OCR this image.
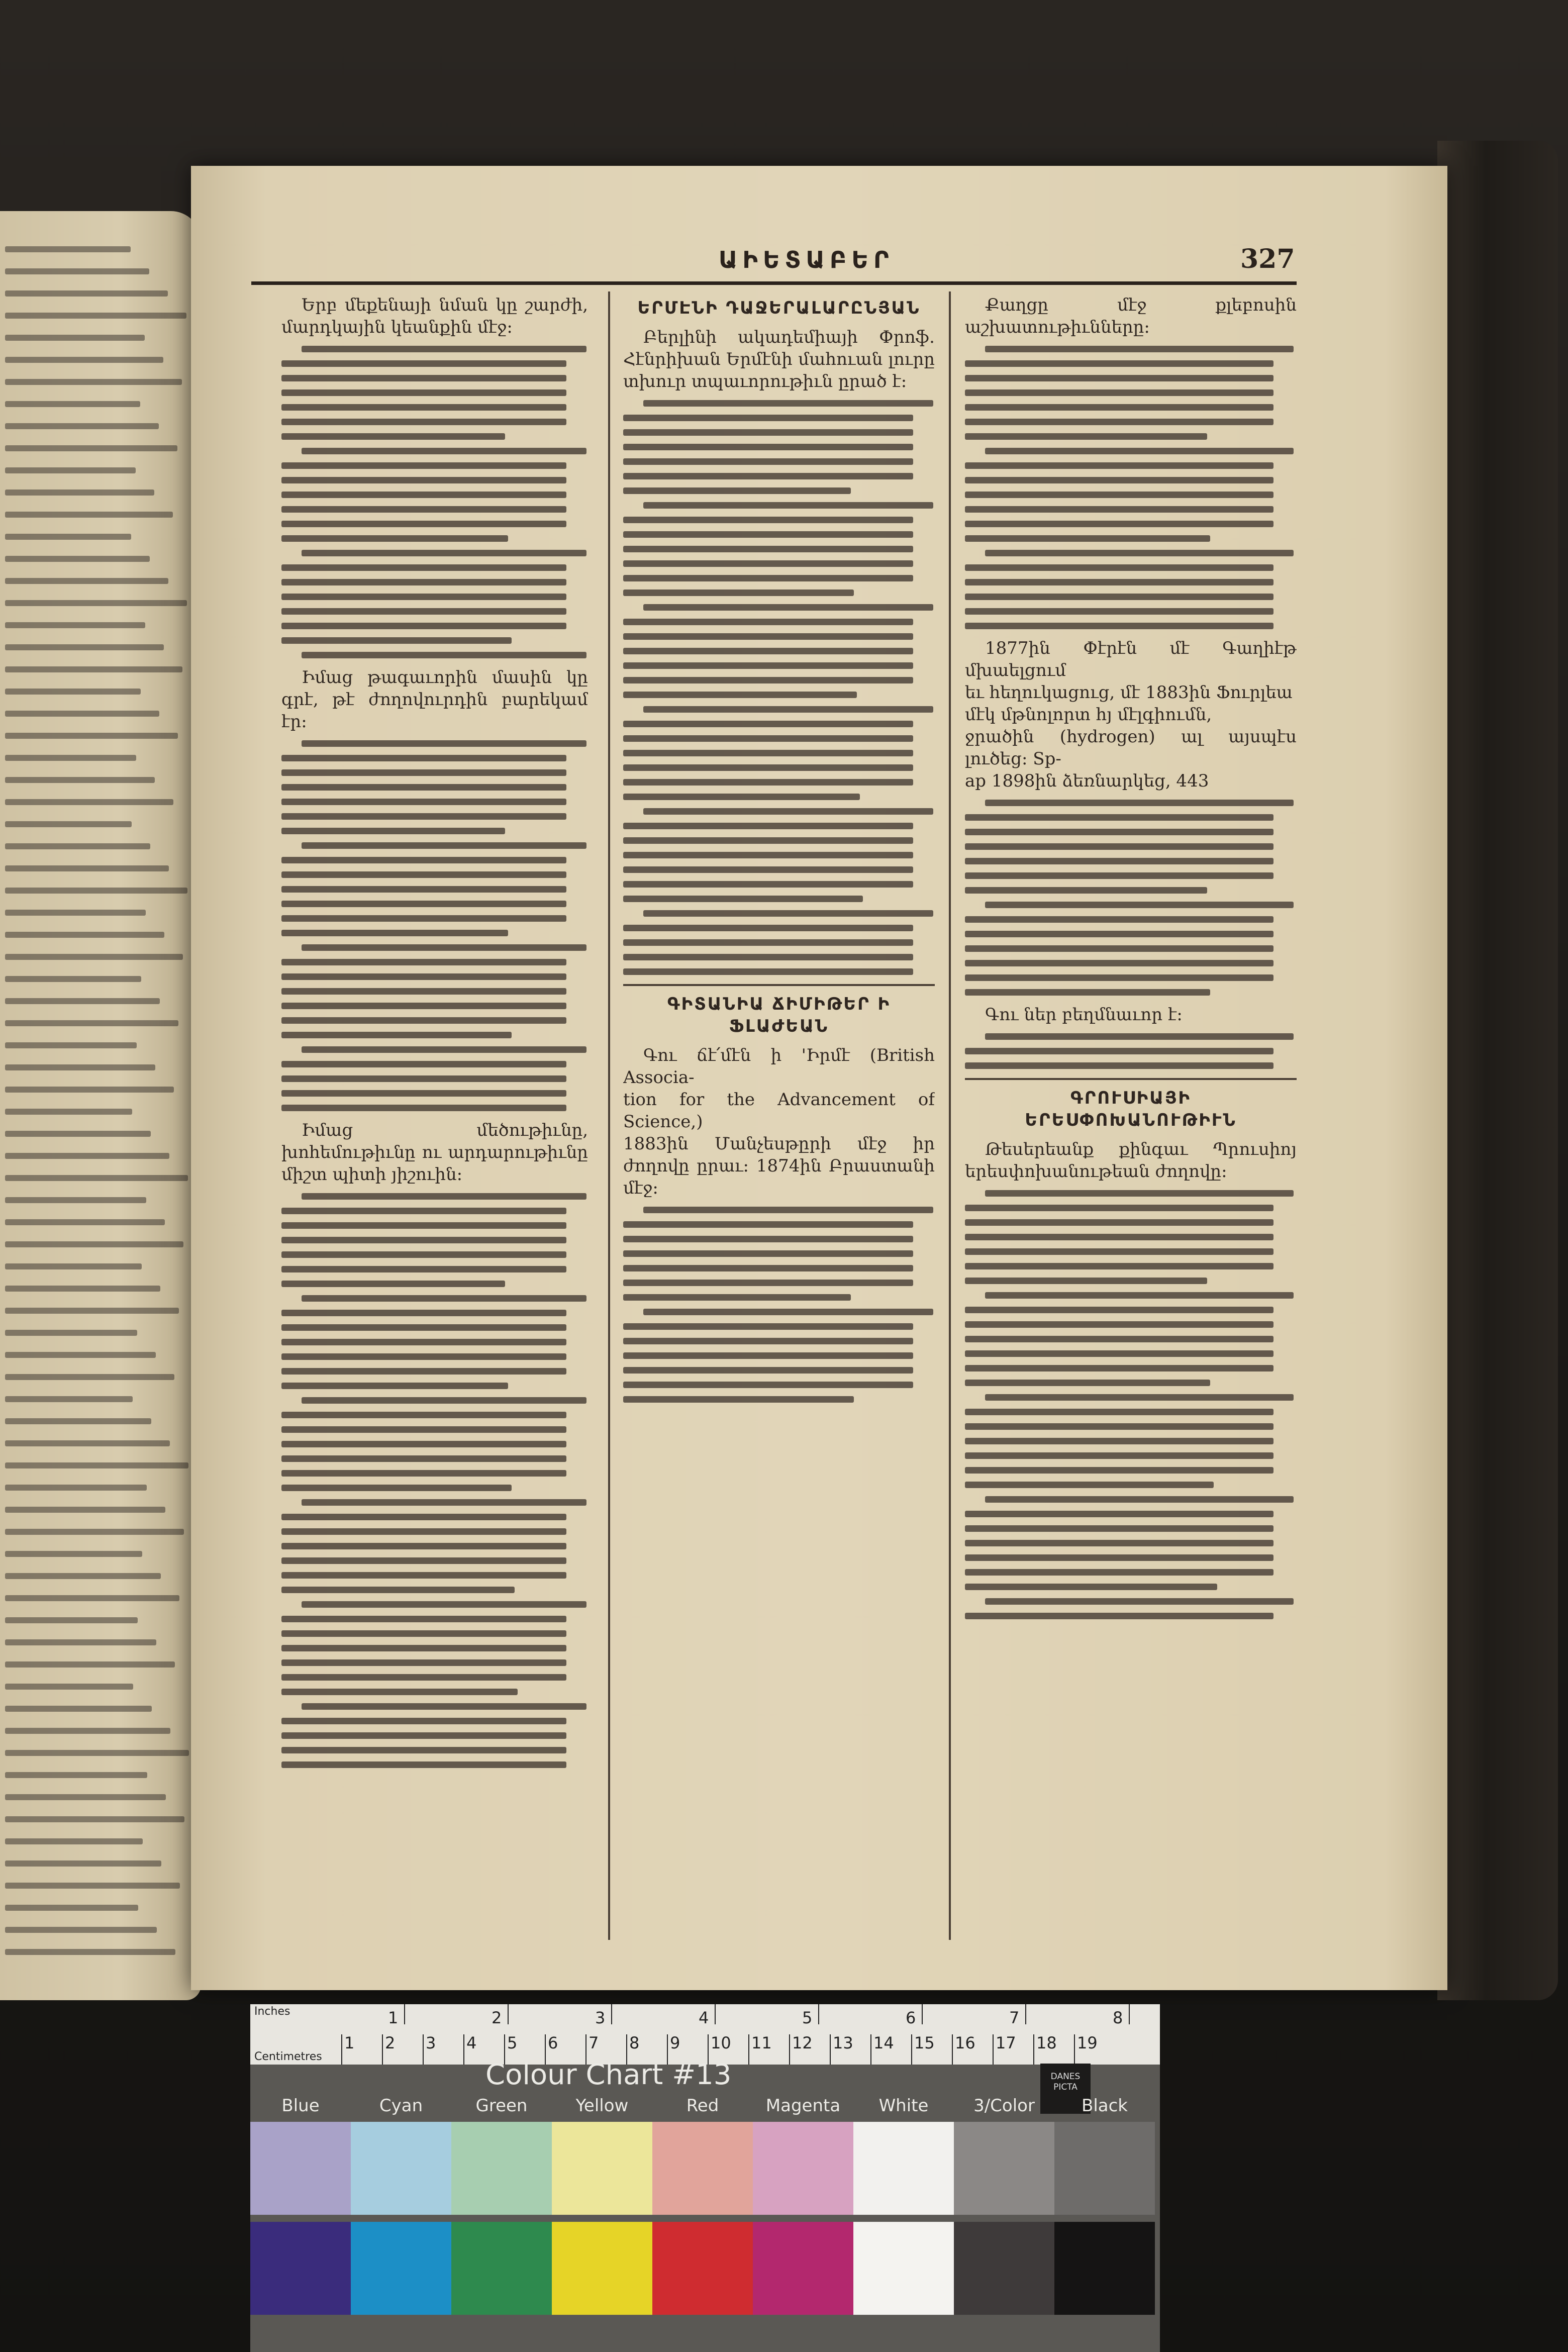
ԱԻԵՏԱԲԵՐ	327

Երբ մեքենայի նման կը շարժի, մարդկային կեանքին մէջ։

Իմաց թագաւորին մասին կը գրէ, թէ ժողովուրդին բարեկամ էր։

Իմաց մեծութիւնը, խոհեմութիւնը ու արդարութիւնը միշտ պիտի յիշուին։

ԵՐՄԷՆԻ ԴԱՋԵՐԱԼԱՐԸՆՅԱՆ

Բերլինի ակադեմիայի Փրոֆ. Հէնրիխան Երմէնի մահուան լուրը տխուր տպաւորութիւն ըրած է։

ԳԻՏԱՆԻԱ ՃԻՄԻԹԵՐ Ի ՖԼԱԺԵԱՆ

Գու ճէ՛մէն ի 'Իրմէ (British Associa-

tion for the Advancement of Science,)
1883ին Մանչեսթըրի մէջ իր ժողովը ըրաւ։ 1874ին Բրաստանի մէջ։

Քաղցը մէջ քլեբոսին աշխատութիւնները։

1877ին Փէրէն մէ Գաղիէթ մխաելցում

եւ հեղուկացուց, մէ 1883ին Ֆուրլեա
մէկ մթնոլորտ հյ մէլգիումն,
ջրածին (hydrogen) ալ այսպէս լուծեց։ Sp-
ap 1898ին ձեռնարկեց, 443

Գու ներ բեղմնաւոր է։

ԳՐՈՒՍԻԱՅԻ ԵՐԵՍՓՈԽԱՆՈՒԹԻՒՆ

Թեսերեանք քինգաւ Պրուսիոյ երեսփոխանութեան ժողովը։

Inches
Centimetres
1	2	3	4	5	6	7	8
1 2 3 4 5 6 7 8 9 10 11 12 13 14 15 16 17 18 19
Colour Chart #13	DANES
PICTA
Blue	Cyan	Green	Yellow	Red	Magenta	White	3/Color	Black
